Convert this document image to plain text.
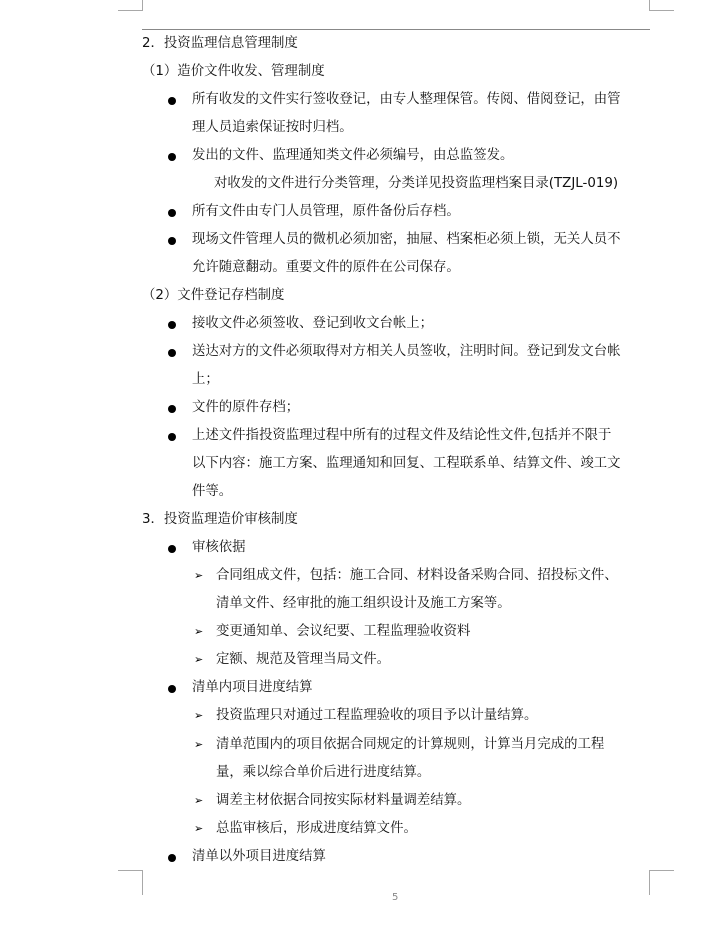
2．投资监理信息管理制度
（1）造价文件收发、管理制度
所有收发的文件实行签收登记，由专人整理保管。传阅、借阅登记，由管
理人员追索保证按时归档。
发出的文件、监理通知类文件必须编号，由总监签发。
对收发的文件进行分类管理，分类详见投资监理档案目录(TZJL-019)
所有文件由专门人员管理，原件备份后存档。
现场文件管理人员的微机必须加密，抽屉、档案柜必须上锁，无关人员不
允许随意翻动。重要文件的原件在公司保存。
（2）文件登记存档制度
接收文件必须签收、登记到收文台帐上；
送达对方的文件必须取得对方相关人员签收，注明时间。登记到发文台帐
上；
文件的原件存档；
上述文件指投资监理过程中所有的过程文件及结论性文件,包括并不限于
以下内容：施工方案、监理通知和回复、工程联系单、结算文件、竣工文
件等。
3．投资监理造价审核制度
审核依据
➢ 合同组成文件，包括：施工合同、材料设备采购合同、招投标文件、
清单文件、经审批的施工组织设计及施工方案等。
➢ 变更通知单、会议纪要、工程监理验收资料
➢ 定额、规范及管理当局文件。
清单内项目进度结算
➢ 投资监理只对通过工程监理验收的项目予以计量结算。
➢ 清单范围内的项目依据合同规定的计算规则，计算当月完成的工程
量，乘以综合单价后进行进度结算。
➢ 调差主材依据合同按实际材料量调差结算。
➢ 总监审核后，形成进度结算文件。
清单以外项目进度结算
5
